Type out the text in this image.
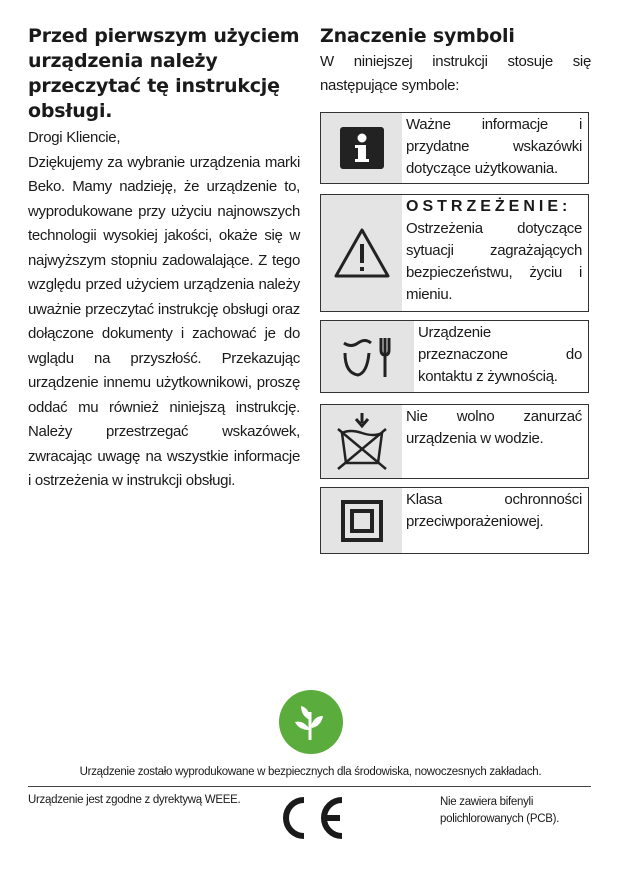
Przed pierwszym użyciem urządzenia należy przeczytać tę instrukcję obsługi.

Drogi Kliencie,
Dziękujemy za wybranie urządzenia marki Beko. Mamy nadzieję, że urządzenie to, wyprodukowane przy użyciu najnowszych technologii wysokiej jakości, okaże się w najwyższym stopniu zadowalające. Z tego względu przed użyciem urządzenia należy uważnie przeczytać instrukcję obsługi oraz dołączone dokumenty i zachować je do wglądu na przyszłość. Przekazując urządzenie innemu użytkownikowi, proszę oddać mu również niniejszą instrukcję. Należy przestrzegać wskazówek, zwracając uwagę na wszystkie informacje i ostrzeżenia w instrukcji obsługi.

Znaczenie symboli

W niniejszej instrukcji stosuje się następujące symbole:

Ważne informacje i przydatne wskazówki dotyczące użytkowania.
OSTRZEŻENIE:
Ostrzeżenia dotyczące sytuacji zagrażających bezpieczeństwu, życiu i mieniu.
Urządzenie przeznaczone do kontaktu z żywnością.
Nie wolno zanurzać urządzenia w wodzie.
Klasa ochronności przeciwporażeniowej.
Urządzenie zostało wyprodukowane w bezpiecznych dla środowiska, nowoczesnych zakładach.
Urządzenie jest zgodne z dyrektywą WEEE.	Nie zawiera bifenyli polichlorowanych (PCB).
